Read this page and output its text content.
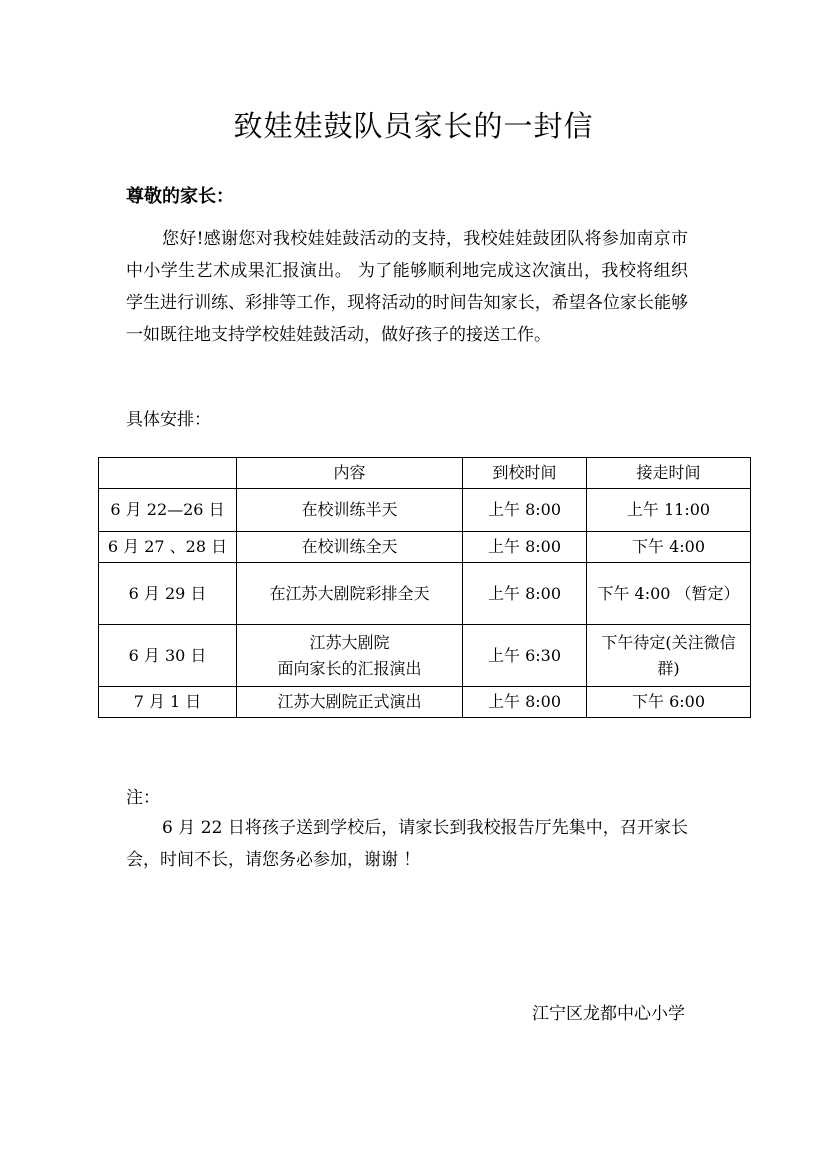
致娃娃鼓队员家长的一封信
尊敬的家长：

您好!感谢您对我校娃娃鼓活动的支持，我校娃娃鼓团队将参加南京市中小学生艺术成果汇报演出。 为了能够顺利地完成这次演出，我校将组织学生进行训练、彩排等工作，现将活动的时间告知家长，希望各位家长能够一如既往地支持学校娃娃鼓活动，做好孩子的接送工作。

具体安排：
	内容	到校时间	接走时间
6 月 22—26 日	在校训练半天	上午 8:00	上午 11:00
6 月 27 、28 日	在校训练全天	上午 8:00	下午 4:00
6 月 29 日	在江苏大剧院彩排全天	上午 8:00	下午 4:00 （暂定）
6 月 30 日	江苏大剧院
面向家长的汇报演出	上午 6:30	下午待定(关注微信群)
7 月 1 日	江苏大剧院正式演出	上午 8:00	下午 6:00
注：

6 月 22 日将孩子送到学校后，请家长到我校报告厅先集中，召开家长会，时间不长，请您务必参加，谢谢 ！

江宁区龙都中心小学
